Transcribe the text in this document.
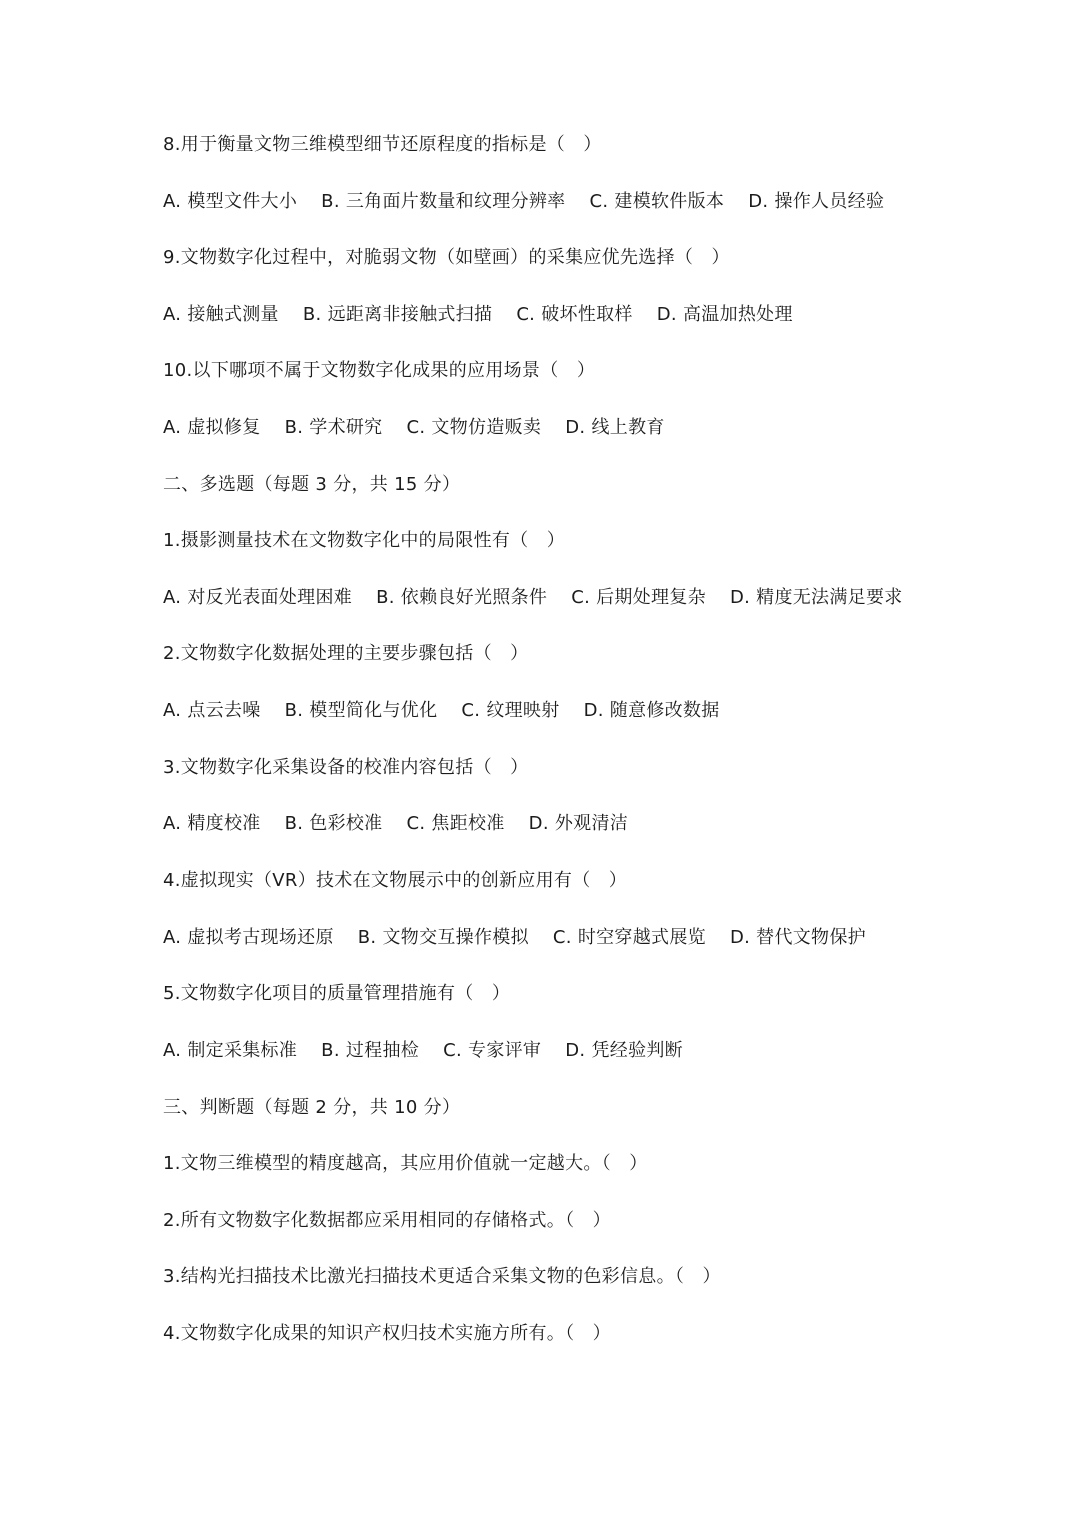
8.用于衡量文物三维模型细节还原程度的指标是（　）
A. 模型文件大小 B. 三角面片数量和纹理分辨率 C. 建模软件版本 D. 操作人员经验
9.文物数字化过程中，对脆弱文物（如壁画）的采集应优先选择（　）
A. 接触式测量 B. 远距离非接触式扫描 C. 破坏性取样 D. 高温加热处理
10.以下哪项不属于文物数字化成果的应用场景（　）
A. 虚拟修复 B. 学术研究 C. 文物仿造贩卖 D. 线上教育
二、多选题（每题 3 分，共 15 分）
1.摄影测量技术在文物数字化中的局限性有（　）
A. 对反光表面处理困难 B. 依赖良好光照条件 C. 后期处理复杂 D. 精度无法满足要求
2.文物数字化数据处理的主要步骤包括（　）
A. 点云去噪 B. 模型简化与优化 C. 纹理映射 D. 随意修改数据
3.文物数字化采集设备的校准内容包括（　）
A. 精度校准 B. 色彩校准 C. 焦距校准 D. 外观清洁
4.虚拟现实（VR）技术在文物展示中的创新应用有（　）
A. 虚拟考古现场还原 B. 文物交互操作模拟 C. 时空穿越式展览 D. 替代文物保护
5.文物数字化项目的质量管理措施有（　）
A. 制定采集标准 B. 过程抽检 C. 专家评审 D. 凭经验判断
三、判断题（每题 2 分，共 10 分）
1.文物三维模型的精度越高，其应用价值就一定越大。（　）
2.所有文物数字化数据都应采用相同的存储格式。（　）
3.结构光扫描技术比激光扫描技术更适合采集文物的色彩信息。（　）
4.文物数字化成果的知识产权归技术实施方所有。（　）
